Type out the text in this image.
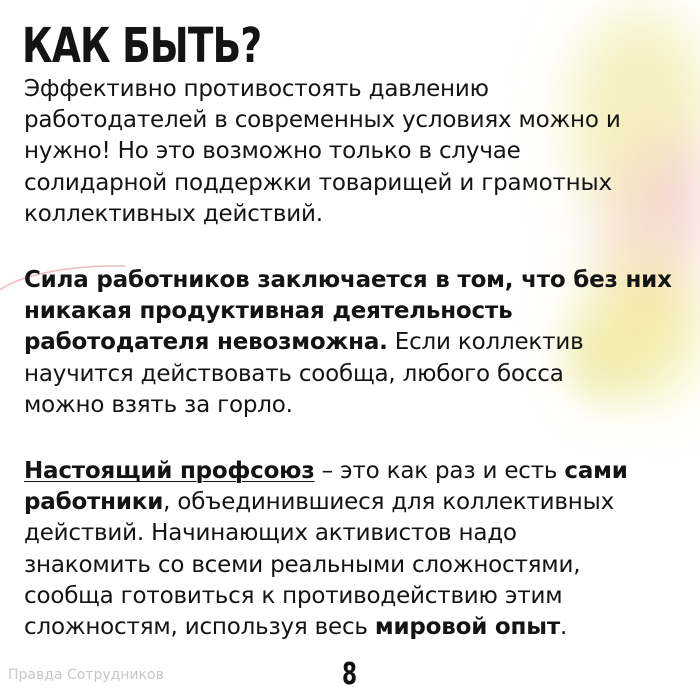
КАК БЫТЬ?

Эффективно противостоять давлению
работодателей в современных условиях можно и
нужно! Но это возможно только в случае
солидарной поддержки товарищей и грамотных
коллективных действий.

Сила работников заключается в том, что без них
никакая продуктивная деятельность
работодателя невозможна. Если коллектив
научится действовать сообща, любого босса
можно взять за горло.

Настоящий профсоюз – это как раз и есть сами
работники, объединившиеся для коллективных
действий. Начинающих активистов надо
знакомить со всеми реальными сложностями,
сообща готовиться к противодействию этим
сложностям, используя весь мировой опыт.

Правда Сотрудников	8
